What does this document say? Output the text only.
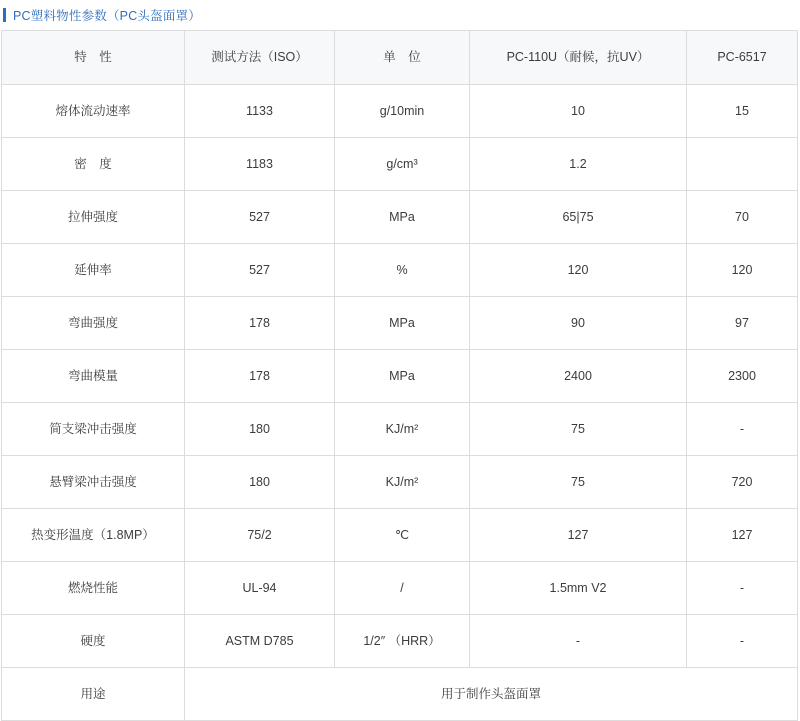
PC塑料物性参数（PC头盔面罩）
特　性	测试方法（ISO）	单　位	PC-110U（耐候，抗UV）	PC-6517
熔体流动速率	1133	g/10min	10	15
密　度	1183	g/cm³	1.2	
拉伸强度	527	MPa	65|75	70
延伸率	527	%	120	120
弯曲强度	178	MPa	90	97
弯曲模量	178	MPa	2400	2300
简支梁冲击强度	180	KJ/m²	75	-
悬臂梁冲击强度	180	KJ/m²	75	720
热变形温度（1.8MP）	75/2	℃	127	127
燃烧性能	UL-94	/	1.5mm V2	-
硬度	ASTM D785	1/2″ （HRR）	-	-
用途	用于制作头盔面罩			
